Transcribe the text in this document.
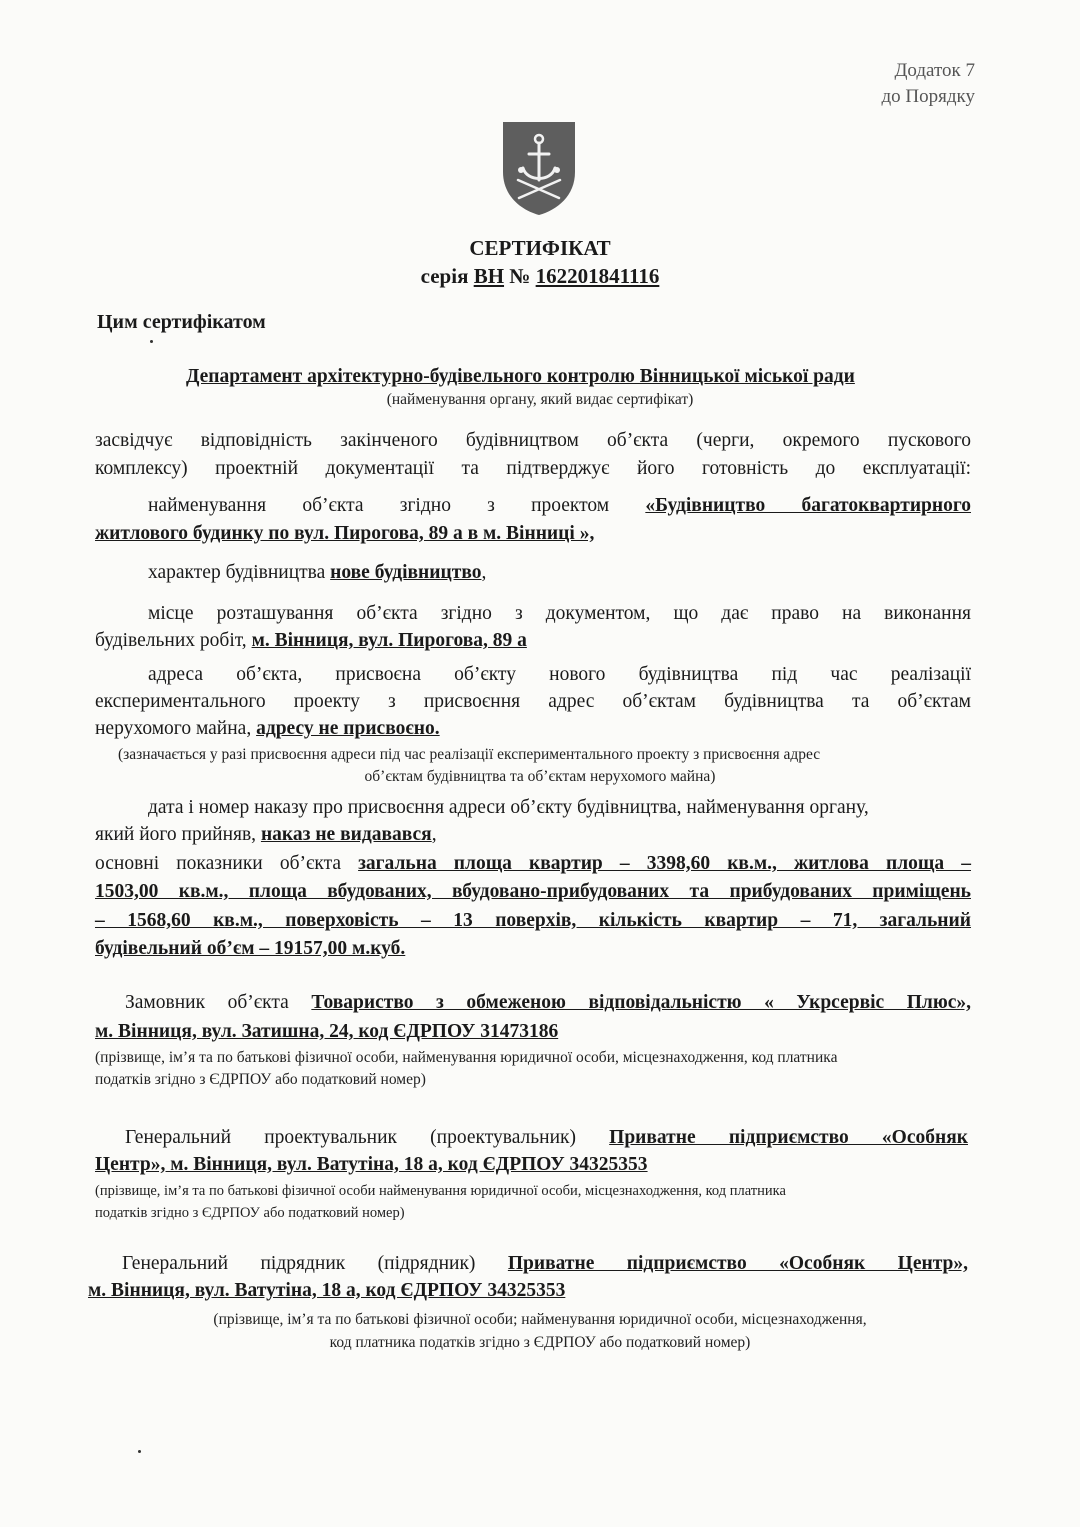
Додаток 7
до Порядку
СЕРТИФІКАТ
серія ВН № 162201841116
Цим сертифікатом
Департамент архітектурно-будівельного контролю Вінницької міської ради
(найменування органу, який видає сертифікат)
засвідчує відповідність закінченого будівництвом об’єкта (черги, окремого пускового
комплексу) проектній документації та підтверджує його готовність до експлуатації:
найменування об’єкта згідно з проектом «Будівництво багатоквартирного
житлового будинку по вул. Пирогова, 89 а в м. Вінниці »,
характер будівництва нове будівництво,
місце розташування об’єкта згідно з документом, що дає право на виконання
будівельних робіт, м. Вінниця, вул. Пирогова, 89 а
адреса об’єкта, присвоєна об’єкту нового будівництва під час реалізації
експериментального проекту з присвоєння адрес об’єктам будівництва та об’єктам
нерухомого майна, адресу не присвоєно.
(зазначається у разі присвоєння адреси під час реалізації експериментального проекту з присвоєння адрес
об’єктам будівництва та об’єктам нерухомого майна)
дата і номер наказу про присвоєння адреси об’єкту будівництва, найменування органу,
який його прийняв, наказ не видавався,
основні показники об’єкта загальна площа квартир – 3398,60 кв.м., житлова площа –
1503,00 кв.м., площа вбудованих, вбудовано-прибудованих та прибудованих приміщень
– 1568,60 кв.м., поверховість – 13 поверхів, кількість квартир – 71, загальний
будівельний об’єм – 19157,00 м.куб.
Замовник об’єкта Товариство з обмеженою відповідальністю « Укрсервіс Плюс»,
м. Вінниця, вул. Затишна, 24, код ЄДРПОУ 31473186
(прізвище, ім’я та по батькові фізичної особи, найменування юридичної особи, місцезнаходження, код платника
податків згідно з ЄДРПОУ або податковий номер)
Генеральний проектувальник (проектувальник) Приватне підприємство «Особняк
Центр», м. Вінниця, вул. Ватутіна, 18 а, код ЄДРПОУ 34325353
(прізвище, ім’я та по батькові фізичної особи найменування юридичної особи, місцезнаходження, код платника
податків згідно з ЄДРПОУ або податковий номер)
Генеральний підрядник (підрядник) Приватне підприємство «Особняк Центр»,
м. Вінниця, вул. Ватутіна, 18 а, код ЄДРПОУ 34325353
(прізвище, ім’я та по батькові фізичної особи; найменування юридичної особи, місцезнаходження,
код платника податків згідно з ЄДРПОУ або податковий номер)
